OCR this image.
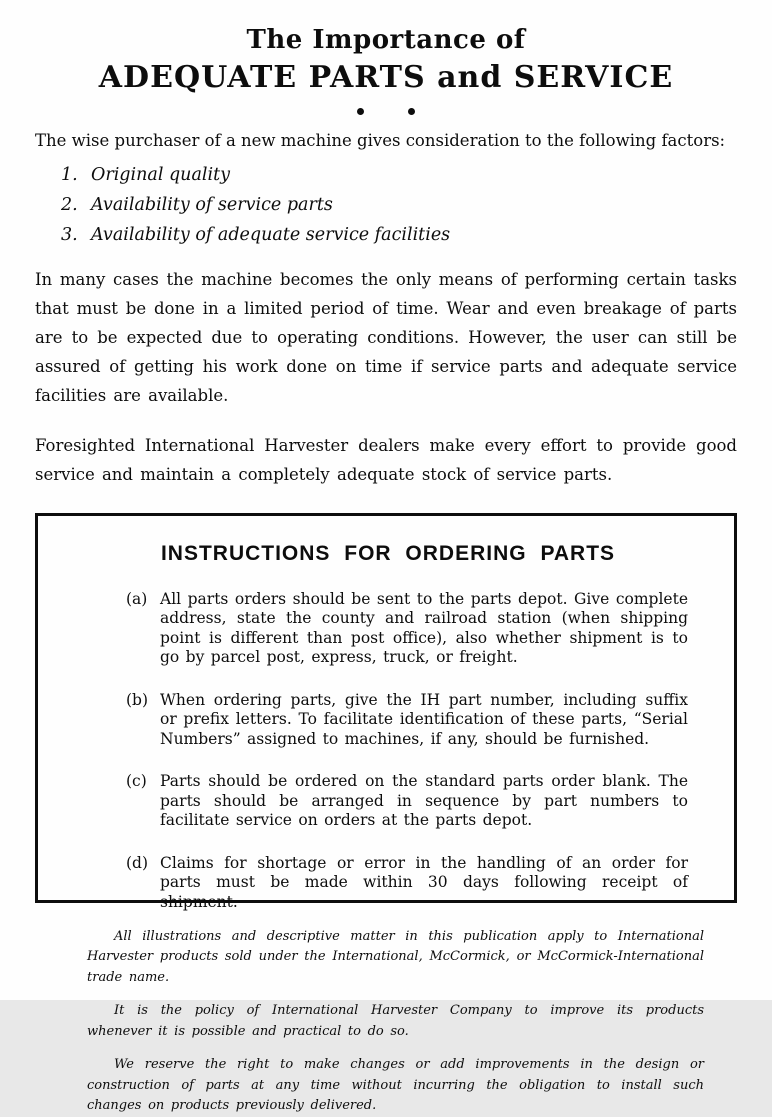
The Importance of
ADEQUATE PARTS and SERVICE

The wise purchaser of a new machine gives consideration to the following factors:
1. Original quality
2. Availability of service parts
3. Availability of adequate service facilities
In many cases the machine becomes the only means of performing certain tasks that must be done in a limited period of time. Wear and even breakage of parts are to be expected due to operating conditions. However, the user can still be assured of getting his work done on time if service parts and adequate service facilities are available.
Foresighted International Harvester dealers make every effort to provide good service and maintain a completely adequate stock of service parts.
INSTRUCTIONS FOR ORDERING PARTS
(a) All parts orders should be sent to the parts depot. Give complete address, state the county and railroad station (when shipping point is different than post office), also whether shipment is to go by parcel post, express, truck, or freight.
(b) When ordering parts, give the IH part number, including suffix or prefix letters. To facilitate identification of these parts, “Serial Numbers” assigned to machines, if any, should be furnished.
(c) Parts should be ordered on the standard parts order blank. The parts should be arranged in sequence by part numbers to facilitate service on orders at the parts depot.
(d) Claims for shortage or error in the handling of an order for parts must be made within 30 days following receipt of shipment.
All illustrations and descriptive matter in this publication apply to International Harvester products sold under the International, McCormick, or McCormick-International trade name.
It is the policy of International Harvester Company to improve its products whenever it is possible and practical to do so.
We reserve the right to make changes or add improvements in the design or construction of parts at any time without incurring the obligation to install such changes on products previously delivered.
